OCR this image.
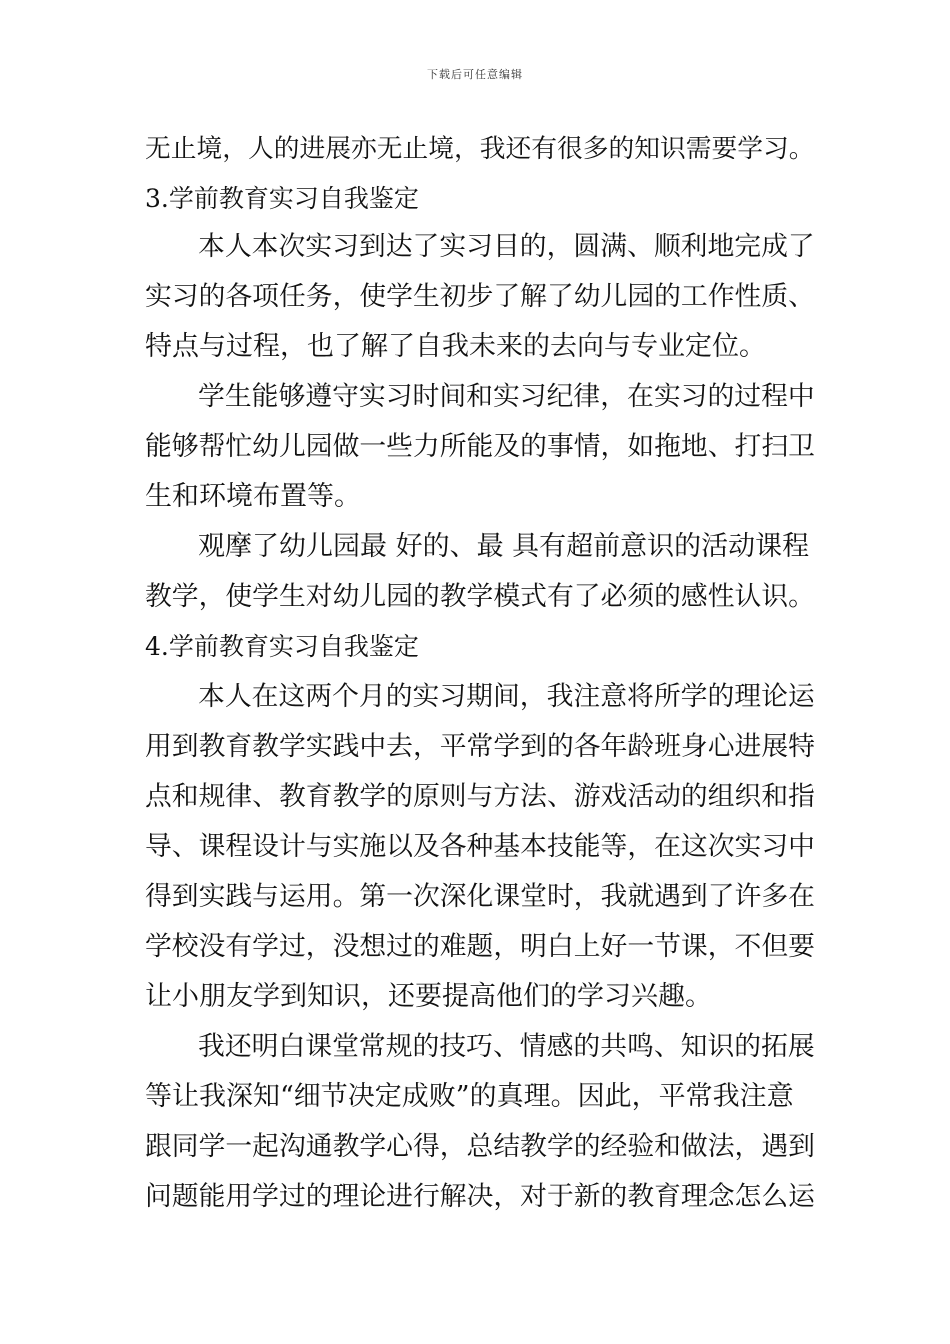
下载后可任意编辑
无止境，人的进展亦无止境，我还有很多的知识需要学习。
3.学前教育实习自我鉴定
本人本次实习到达了实习目的，圆满、顺利地完成了
实习的各项任务，使学生初步了解了幼儿园的工作性质、
特点与过程，也了解了自我未来的去向与专业定位。
学生能够遵守实习时间和实习纪律，在实习的过程中
能够帮忙幼儿园做一些力所能及的事情，如拖地、打扫卫
生和环境布置等。
观摩了幼儿园最 好的、最 具有超前意识的活动课程
教学，使学生对幼儿园的教学模式有了必须的感性认识。
4.学前教育实习自我鉴定
本人在这两个月的实习期间，我注意将所学的理论运
用到教育教学实践中去，平常学到的各年龄班身心进展特
点和规律、教育教学的原则与方法、游戏活动的组织和指
导、课程设计与实施以及各种基本技能等，在这次实习中
得到实践与运用。第一次深化课堂时，我就遇到了许多在
学校没有学过，没想过的难题，明白上好一节课，不但要
让小朋友学到知识，还要提高他们的学习兴趣。
我还明白课堂常规的技巧、情感的共鸣、知识的拓展
等让我深知“细节决定成败”的真理。因此，平常我注意
跟同学一起沟通教学心得，总结教学的经验和做法，遇到
问题能用学过的理论进行解决，对于新的教育理念怎么运
